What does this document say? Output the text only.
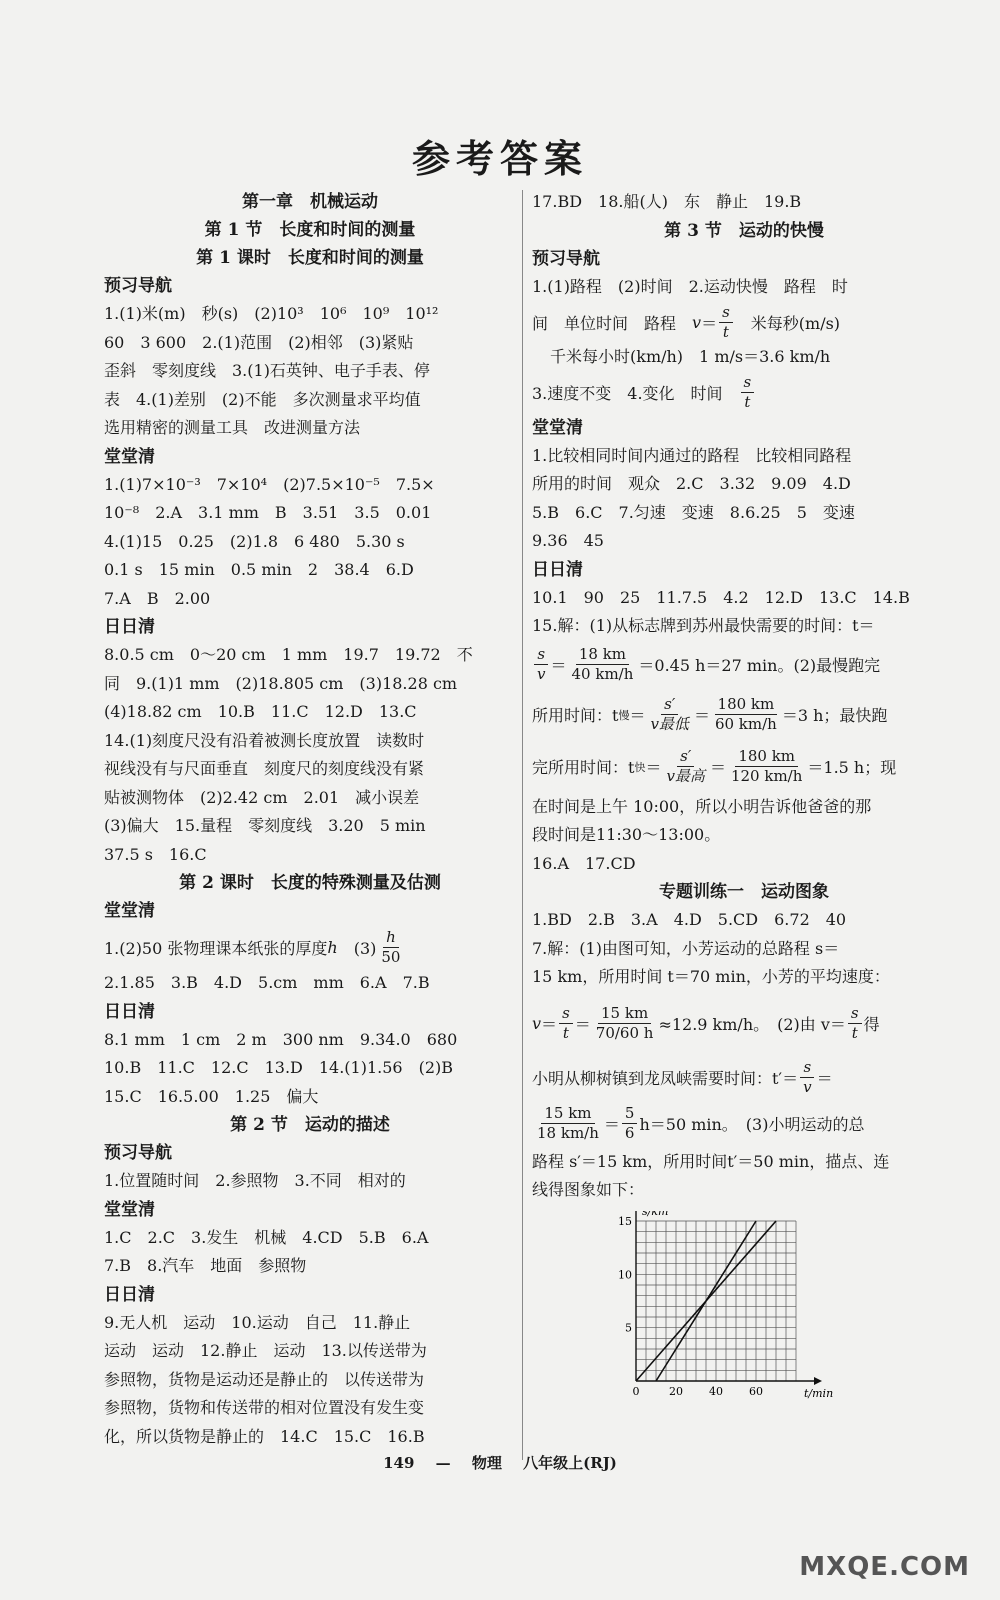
参考答案

第一章　机械运动

第 1 节　长度和时间的测量

第 1 课时　长度和时间的测量

预习导航

1.(1)米(m)　秒(s)　(2)10³　10⁶　10⁹　10¹²

60　3 600　2.(1)范围　(2)相邻　(3)紧贴

歪斜　零刻度线　3.(1)石英钟、电子手表、停

表　4.(1)差别　(2)不能　多次测量求平均值

选用精密的测量工具　改进测量方法

堂堂清

1.(1)7×10⁻³　7×10⁴　(2)7.5×10⁻⁵　7.5×

10⁻⁸　2.A　3.1 mm　B　3.51　3.5　0.01

4.(1)15　0.25　(2)1.8　6 480　5.30 s

0.1 s　15 min　0.5 min　2　38.4　6.D

7.A　B　2.00

日日清

8.0.5 cm　0～20 cm　1 mm　19.7　19.72　不

同　9.(1)1 mm　(2)18.805 cm　(3)18.28 cm

(4)18.82 cm　10.B　11.C　12.D　13.C

14.(1)刻度尺没有沿着被测长度放置　读数时

视线没有与尺面垂直　刻度尺的刻度线没有紧

贴被测物体　(2)2.42 cm　2.01　减小误差

(3)偏大　15.量程　零刻度线　3.20　5 min

37.5 s　16.C

第 2 课时　长度的特殊测量及估测

堂堂清

1.(2)50 张物理课本纸张的厚度 h 　$(3) \frac{h}{50}$

2.1.85　3.B　4.D　5.cm　mm　6.A　7.B

日日清

8.1 mm　1 cm　2 m　300 nm　9.34.0　680

10.B　11.C　12.C　13.D　14.(1)1.56　(2)B

15.C　16.5.00　1.25　偏大

第 2 节　运动的描述

预习导航

1.位置随时间　2.参照物　3.不同　相对的

堂堂清

1.C　2.C　3.发生　机械　4.CD　5.B　6.A

7.B　8.汽车　地面　参照物

日日清

9.无人机　运动　10.运动　自己　11.静止

运动　运动　12.静止　运动　13.以传送带为

参照物，货物是运动还是静止的　以传送带为

参照物，货物和传送带的相对位置没有发生变

化，所以货物是静止的　14.C　15.C　16.B

17.BD　18.船(人)　东　静止　19.B

第 3 节　运动的快慢

预习导航

1.(1)路程　(2)时间　2.运动快慢　路程　时

间　单位时间　路程　 $v = \frac{s}{t}$ 　米每秒(m/s)

千米每小时(km/h)　1 m/s＝3.6 km/h

3.速度不变　4.变化　时间　 $\frac{s}{t}$

堂堂清

1.比较相同时间内通过的路程　比较相同路程

所用的时间　观众　2.C　3.32　9.09　4.D

5.B　6.C　7.匀速　变速　8.6.25　5　变速

9.36　45

日日清

10.1　90　25　11.7.5　4.2　12.D　13.C　14.B

15.解：(1)从标志牌到苏州最快需要的时间：t＝

$\frac{s}{v} = \frac{18 km}{40 km/h} =0.45$ h＝27 min。(2)最慢跑完

所用时间：t 慢 ＝ $\frac{s'}{\text{v最低}} = \frac{180 km}{60 km/h} =3$ h；最快跑

完所用时间：t 快 ＝ $\frac{s'}{\text{v最高}} = \frac{180 km}{120 km/h} =1.5$ h；现

在时间是上午 10:00，所以小明告诉他爸爸的那

段时间是11:30～13:00。

16.A　17.CD

专题训练一　运动图象

1.BD　2.B　3.A　4.D　5.CD　6.72　40

7.解：(1)由图可知，小芳运动的总路程 s＝

15 km，所用时间 t＝70 min，小芳的平均速度：

$v = \frac{s}{t} = \frac{15 km}{70/60 h} \approx 12.9$ km/h。　(2)由 $v= \frac{s}{t}$ 得

小明从柳树镇到龙凤峡需要时间：$t'= \frac{s}{v}$ ＝

$\frac{15 km}{18 km/h} = \frac{5}{6} h=50$ min。　(3)小明运动的总

路程 s′＝15 km，所用时间t′＝50 min，描点、连

线得图象如下：

0	20 40 60
5
10
15
t/min
s/km
149 — 物理 八年级上(RJ)
MXQE.COM
